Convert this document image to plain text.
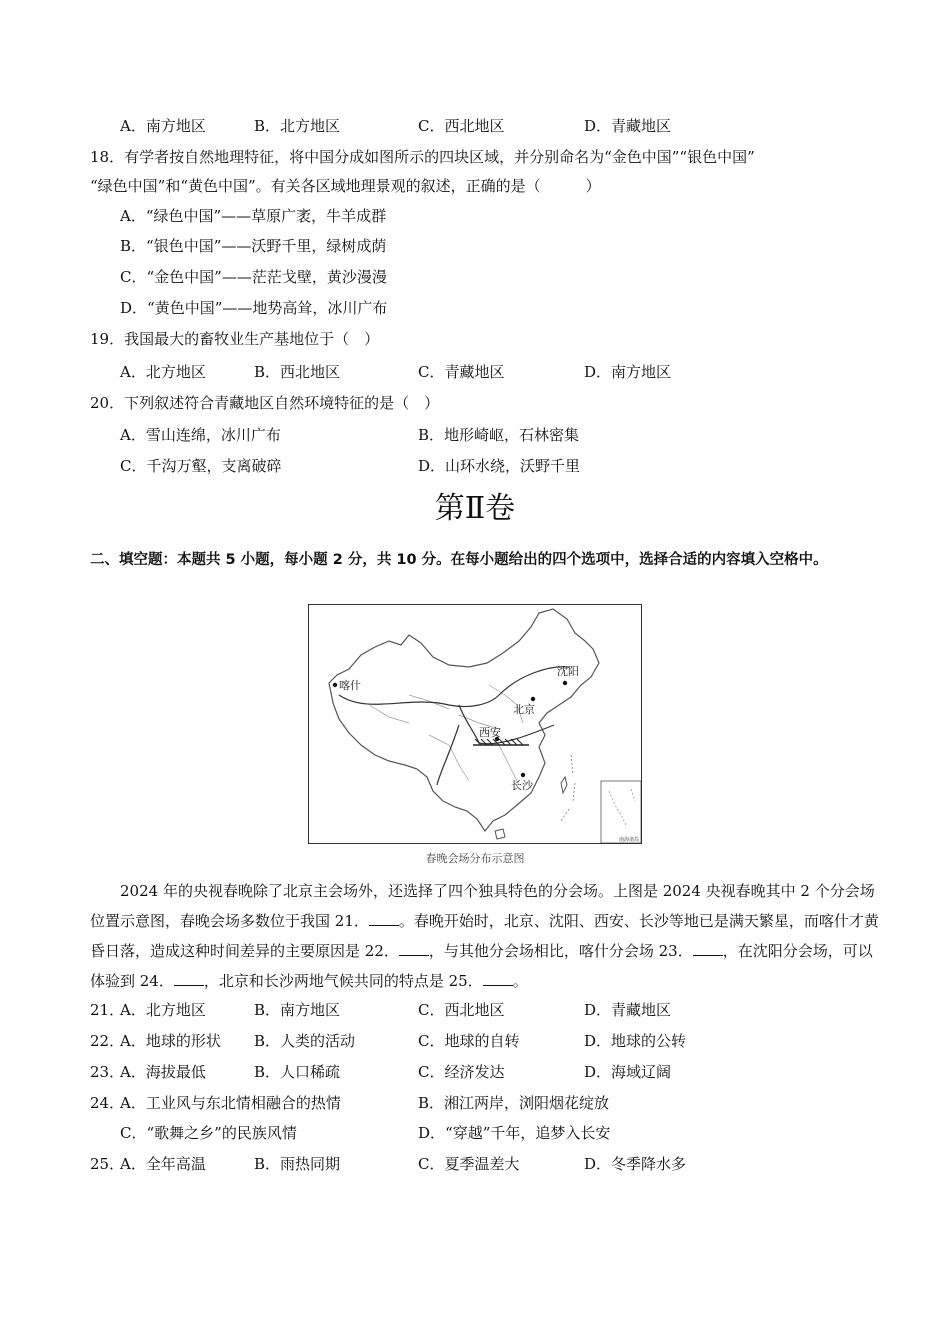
A．南方地区	B．北方地区	C．西北地区	D．青藏地区
18．有学者按自然地理特征，将中国分成如图所示的四块区域，并分别命名为“金色中国”“银色中国”
“绿色中国”和“黄色中国”。有关各区域地理景观的叙述，正确的是（　　　）
A．“绿色中国”——草原广袤，牛羊成群
B．“银色中国”——沃野千里，绿树成荫
C．“金色中国”——茫茫戈壁，黄沙漫漫
D．“黄色中国”——地势高耸，冰川广布
19．我国最大的畜牧业生产基地位于（　）
A．北方地区	B．西北地区	C．青藏地区	D．南方地区
20．下列叙述符合青藏地区自然环境特征的是（　）
A．雪山连绵，冰川广布	B．地形崎岖，石林密集
C．千沟万壑，支离破碎	D．山环水绕，沃野千里
第Ⅱ卷
二、填空题：本题共 5 小题，每小题 2 分，共 10 分。在每小题给出的四个选项中，选择合适的内容填入空格中。
喀什
沈阳
北京
西安
长沙
南海诸岛
春晚会场分布示意图
2024 年的央视春晚除了北京主会场外，还选择了四个独具特色的分会场。上图是 2024 央视春晚其中 2 个分会场位置示意图，春晚会场多数位于我国 21． 。春晚开始时，北京、沈阳、西安、长沙等地已是满天繁星，而喀什才黄昏日落，造成这种时间差异的主要原因是 22． ，与其他分会场相比，喀什分会场 23． ，在沈阳分会场，可以体验到 24． ，北京和长沙两地气候共同的特点是 25． 。
21．
A．北方地区	B．南方地区	C．西北地区	D．青藏地区
22．
A．地球的形状 B．人类的活动	C．地球的自转	D．地球的公转
23．
A．海拔最低	B．人口稀疏	C．经济发达	D．海域辽阔
24．
A．工业风与东北情相融合的热情	B．湘江两岸，浏阳烟花绽放
C．“歌舞之乡”的民族风情	D．“穿越”千年，追梦入长安
25．
A．全年高温	B．雨热同期	C．夏季温差大	D．冬季降水多
